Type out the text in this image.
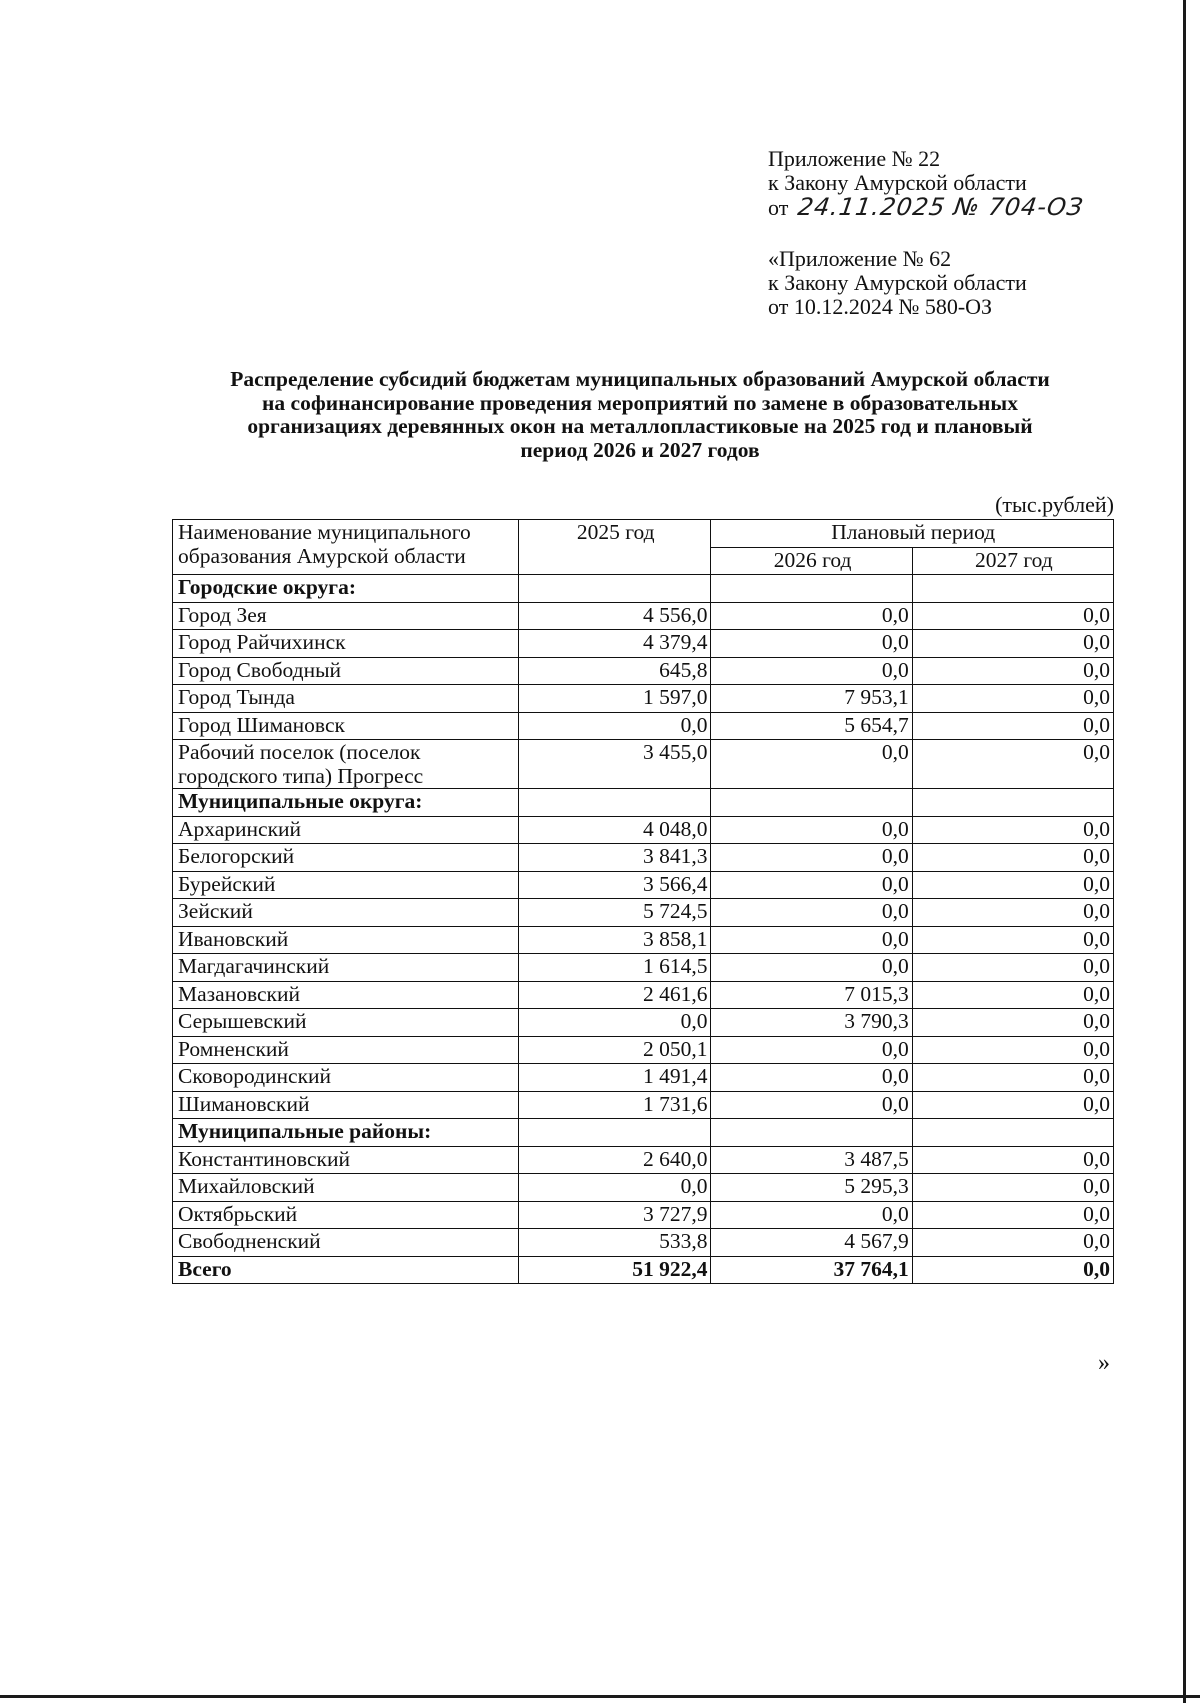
Приложение № 22
к Закону Амурской области
от 24.11.2025 № 704-ОЗ
«Приложение № 62
к Закону Амурской области
от 10.12.2024 № 580-ОЗ
Распределение субсидий бюджетам муниципальных образований Амурской области
на софинансирование проведения мероприятий по замене в образовательных
организациях деревянных окон на металлопластиковые на 2025 год и плановый
период 2026 и 2027 годов
(тыс.рублей)
Наименование муниципального
образования Амурской области	2025 год	Плановый период	
		2026 год	2027 год
Городские округа:			
Город Зея	4 556,0	0,0	0,0
Город Райчихинск	4 379,4	0,0	0,0
Город Свободный	645,8	0,0	0,0
Город Тында	1 597,0	7 953,1	0,0
Город Шимановск	0,0	5 654,7	0,0

Рабочий поселок (поселок
городского типа) Прогресс	3 455,0	0,0	0,0
Муниципальные округа:			
Архаринский	4 048,0	0,0	0,0
Белогорский	3 841,3	0,0	0,0
Бурейский	3 566,4	0,0	0,0
Зейский	5 724,5	0,0	0,0
Ивановский	3 858,1	0,0	0,0
Магдагачинский	1 614,5	0,0	0,0
Мазановский	2 461,6	7 015,3	0,0
Серышевский	0,0	3 790,3	0,0
Ромненский	2 050,1	0,0	0,0
Сковородинский	1 491,4	0,0	0,0
Шимановский	1 731,6	0,0	0,0
Муниципальные районы:			
Константиновский	2 640,0	3 487,5	0,0
Михайловский	0,0	5 295,3	0,0
Октябрьский	3 727,9	0,0	0,0
Свободненский	533,8	4 567,9	0,0
Всего	51 922,4	37 764,1	0,0
»
